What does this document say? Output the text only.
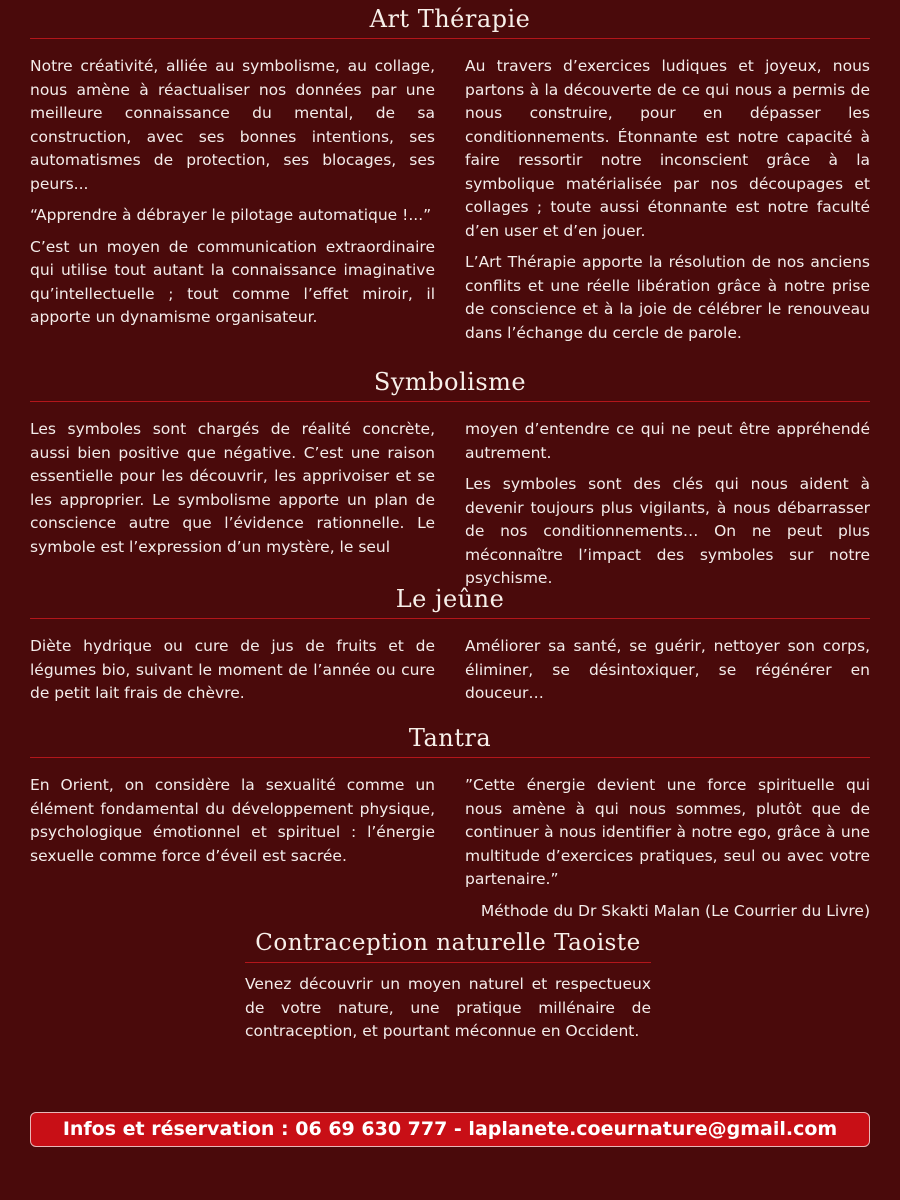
Art Thérapie

Notre créativité, alliée au symbolisme, au collage, nous amène à réactualiser nos données par une meilleure connaissance du mental, de sa construction, avec ses bonnes intentions, ses automatismes de protection, ses blocages, ses peurs...

“Apprendre à débrayer le pilotage automatique !...”

C’est un moyen de communication extraordinaire qui utilise tout autant la connaissance imaginative qu’intellectuelle ; tout comme l’effet miroir, il apporte un dynamisme organisateur.

Au travers d’exercices ludiques et joyeux, nous partons à la découverte de ce qui nous a permis de nous construire, pour en dépasser les conditionnements. Étonnante est notre capacité à faire ressortir notre inconscient grâce à la symbolique matérialisée par nos découpages et collages ; toute aussi étonnante est notre faculté d’en user et d’en jouer.

L’Art Thérapie apporte la résolution de nos anciens conflits et une réelle libération grâce à notre prise de conscience et à la joie de célébrer le renouveau dans l’échange du cercle de parole.

Symbolisme

Les symboles sont chargés de réalité concrète, aussi bien positive que négative. C’est une raison essentielle pour les découvrir, les apprivoiser et se les approprier. Le symbolisme apporte un plan de conscience autre que l’évidence rationnelle. Le symbole est l’expression d’un mystère, le seul

moyen d’entendre ce qui ne peut être appréhendé autrement.

Les symboles sont des clés qui nous aident à devenir toujours plus vigilants, à nous débarrasser de nos conditionnements… On ne peut plus méconnaître l’impact des symboles sur notre psychisme.

Le jeûne

Diète hydrique ou cure de jus de fruits et de légumes bio, suivant le moment de l’année ou cure de petit lait frais de chèvre.

Améliorer sa santé, se guérir, nettoyer son corps, éliminer, se désintoxiquer, se régénérer en douceur…

Tantra

En Orient, on considère la sexualité comme un élément fondamental du développement physique, psychologique émotionnel et spirituel : l’énergie sexuelle comme force d’éveil est sacrée.

”Cette énergie devient une force spirituelle qui nous amène à qui nous sommes, plutôt que de continuer à nous identifier à notre ego, grâce à une multitude d’exercices pratiques, seul ou avec votre partenaire.”

Méthode du Dr Skakti Malan (Le Courrier du Livre)

Contraception naturelle Taoiste

Venez découvrir un moyen naturel et respectueux de votre nature, une pratique millénaire de contraception, et pourtant méconnue en Occident.

Infos et réservation : 06 69 630 777 - laplanete.coeurnature@gmail.com
